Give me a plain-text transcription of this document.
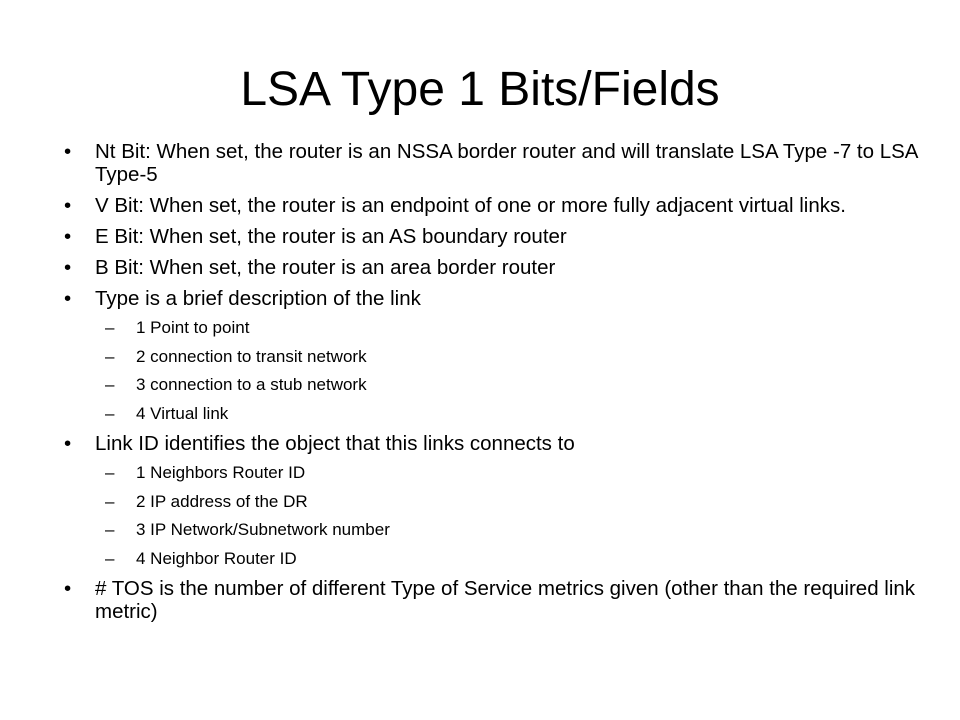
LSA Type 1 Bits/Fields
• Nt Bit: When set, the router is an NSSA border router and will translate LSA Type -7 to LSA Type-5
• V Bit: When set, the router is an endpoint of one or more fully adjacent virtual links.
• E Bit: When set, the router is an AS boundary router
• B Bit: When set, the router is an area border router
• Type is a brief description of the link
– 1 Point to point
– 2 connection to transit network
– 3 connection to a stub network
– 4 Virtual link
• Link ID identifies the object that this links connects to
– 1 Neighbors Router ID
– 2 IP address of the DR
– 3 IP Network/Subnetwork number
– 4 Neighbor Router ID
• # TOS is the number of different Type of Service metrics given (other than the required link metric)
